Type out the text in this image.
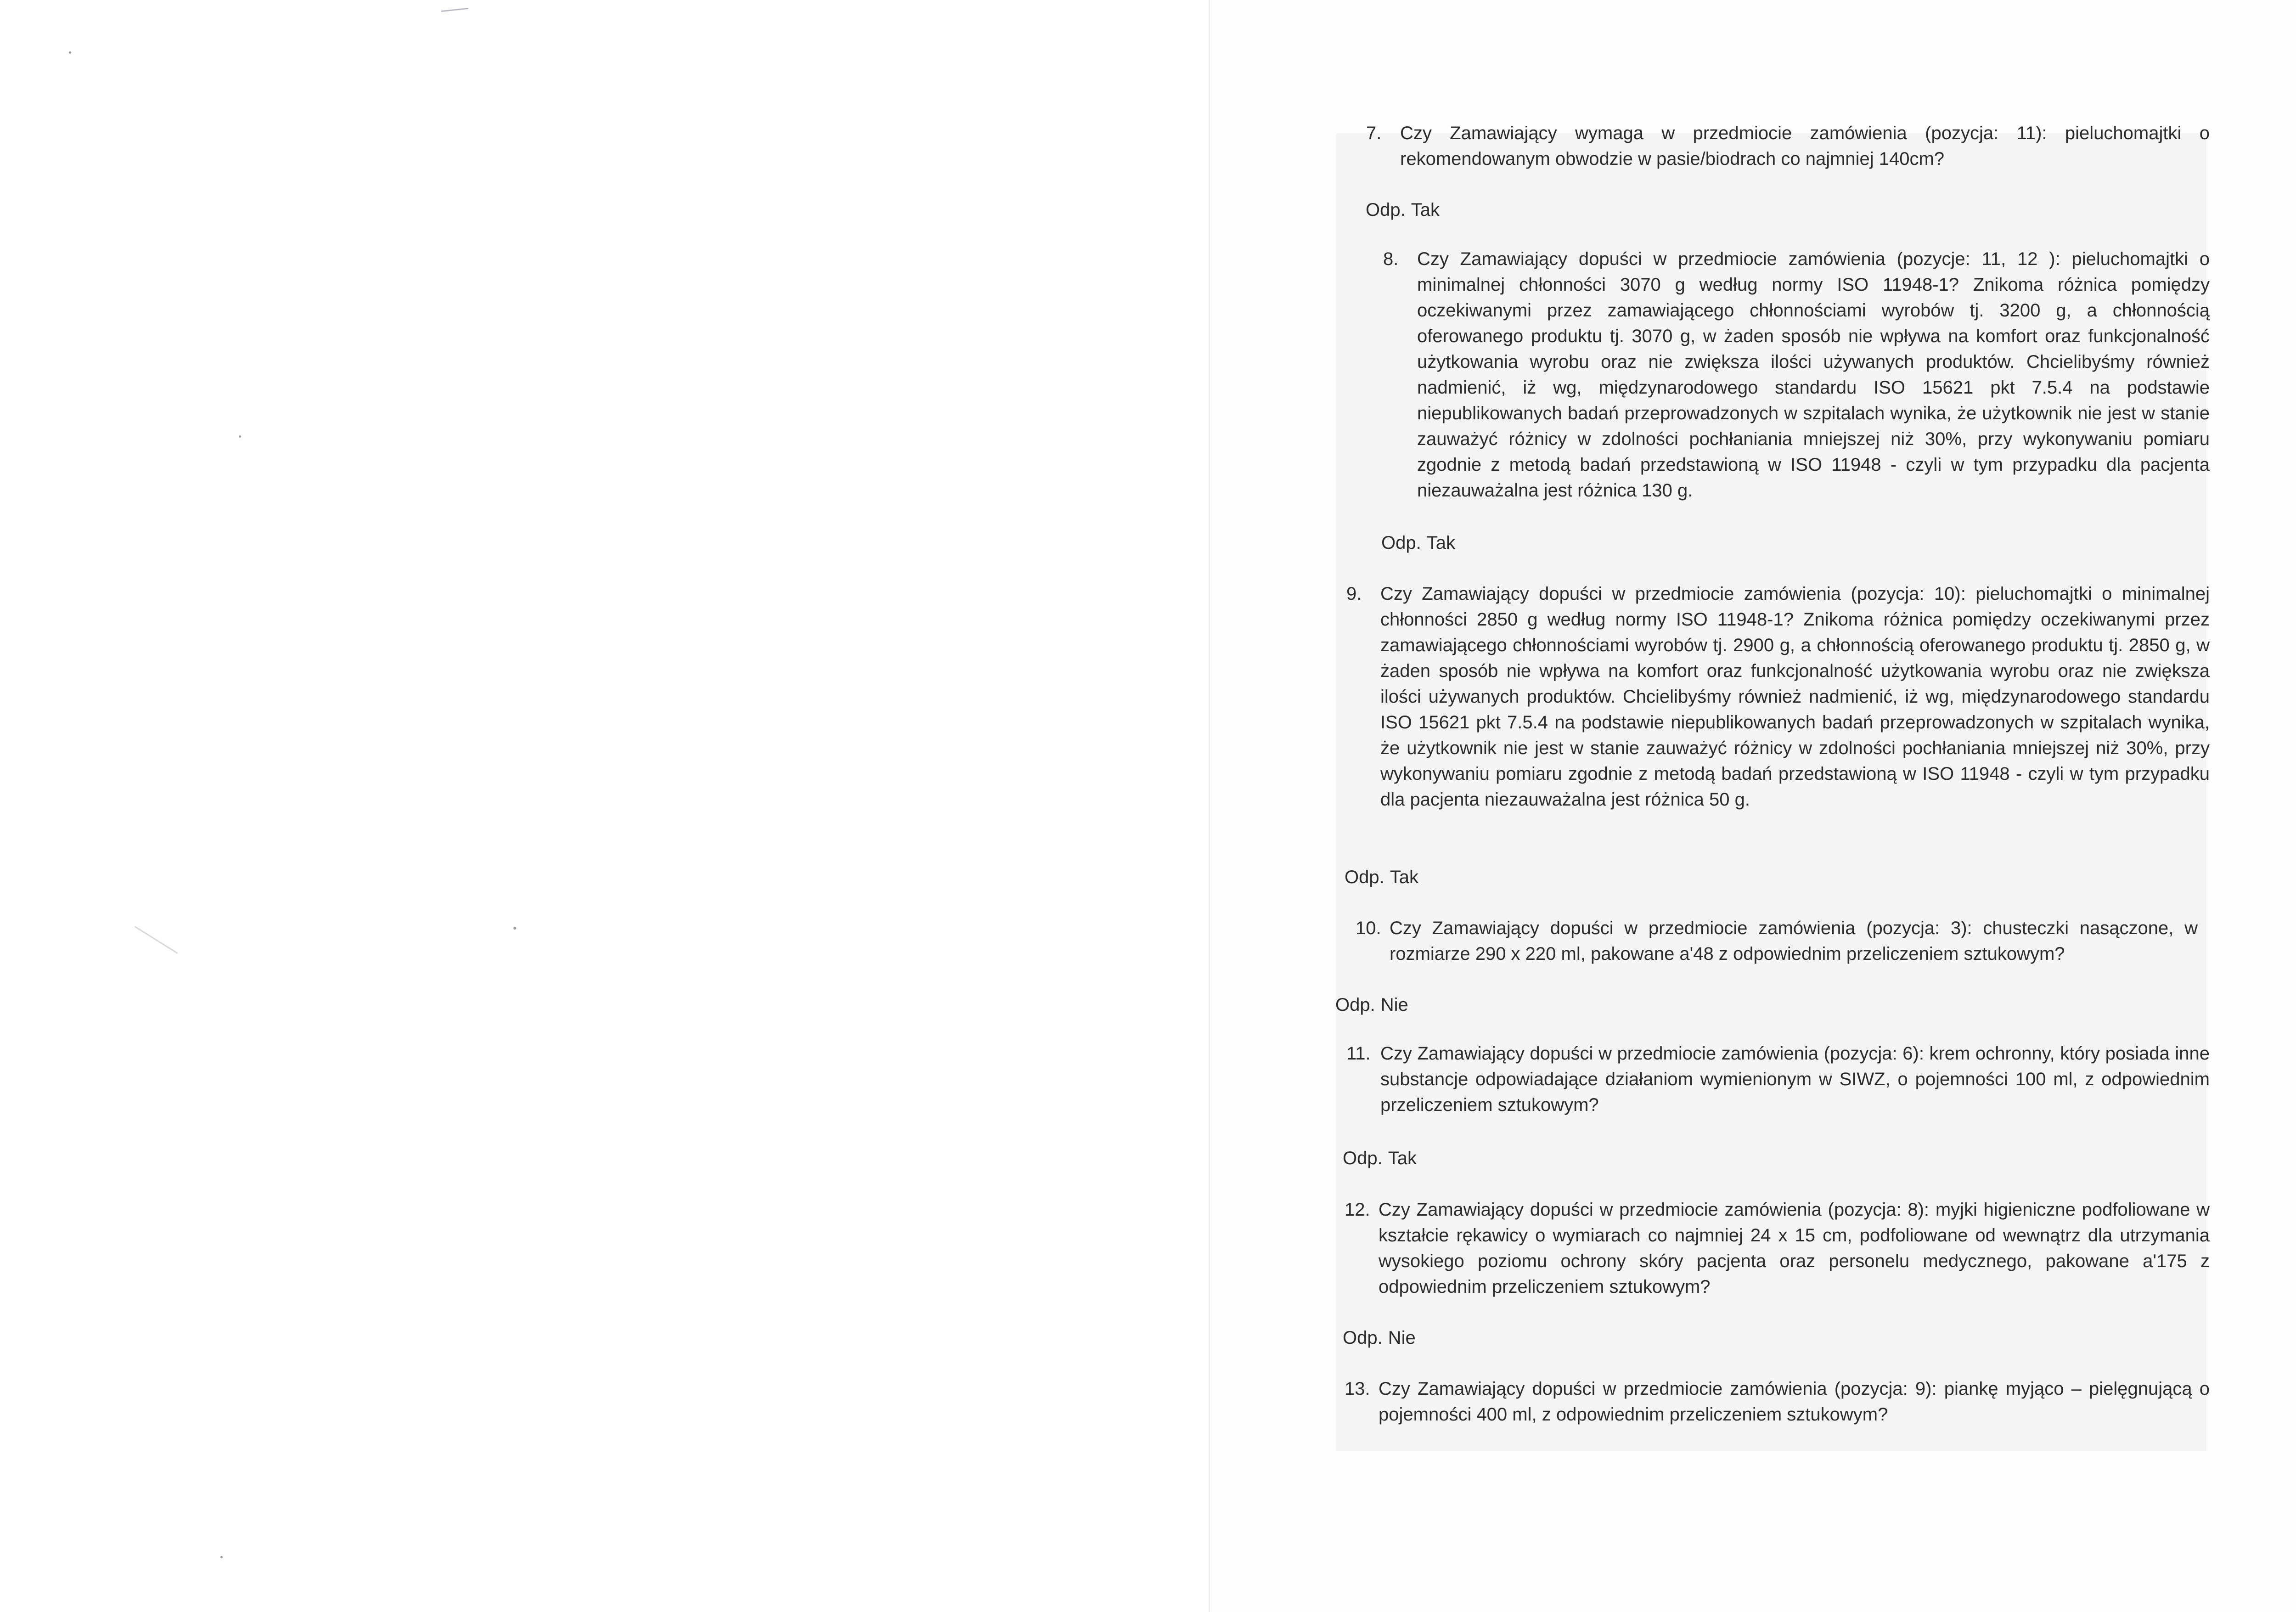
7. Czy Zamawiający wymaga w przedmiocie zamówienia (pozycja: 11): pieluchomajtki o rekomendowanym obwodzie w pasie/biodrach co najmniej 140cm?
Odp. Tak
8. Czy Zamawiający dopuści w przedmiocie zamówienia (pozycje: 11, 12 ): pieluchomajtki o minimalnej chłonności 3070 g według normy ISO 11948-1? Znikoma różnica pomiędzy oczekiwanymi przez zamawiającego chłonnościami wyrobów tj. 3200 g, a chłonnością oferowanego produktu tj. 3070 g, w żaden sposób nie wpływa na komfort oraz funkcjonalność użytkowania wyrobu oraz nie zwiększa ilości używanych produktów. Chcielibyśmy również nadmienić, iż wg, międzynarodowego standardu ISO 15621 pkt 7.5.4 na podstawie niepublikowanych badań przeprowadzonych w szpitalach wynika, że użytkownik nie jest w stanie zauważyć różnicy w zdolności pochłaniania mniejszej niż 30%, przy wykonywaniu pomiaru zgodnie z metodą badań przedstawioną w ISO 11948 - czyli w tym przypadku dla pacjenta niezauważalna jest różnica 130 g.
Odp. Tak
9. Czy Zamawiający dopuści w przedmiocie zamówienia (pozycja: 10): pieluchomajtki o minimalnej chłonności 2850 g według normy ISO 11948-1? Znikoma różnica pomiędzy oczekiwanymi przez zamawiającego chłonnościami wyrobów tj. 2900 g, a chłonnością oferowanego produktu tj. 2850 g, w żaden sposób nie wpływa na komfort oraz funkcjonalność użytkowania wyrobu oraz nie zwiększa ilości używanych produktów. Chcielibyśmy również nadmienić, iż wg, międzynarodowego standardu ISO 15621 pkt 7.5.4 na podstawie niepublikowanych badań przeprowadzonych w szpitalach wynika, że użytkownik nie jest w stanie zauważyć różnicy w zdolności pochłaniania mniejszej niż 30%, przy wykonywaniu pomiaru zgodnie z metodą badań przedstawioną w ISO 11948 - czyli w tym przypadku dla pacjenta niezauważalna jest różnica 50 g.
Odp. Tak
10. Czy Zamawiający dopuści w przedmiocie zamówienia (pozycja: 3): chusteczki nasączone, w rozmiarze 290 x 220 ml, pakowane a'48 z odpowiednim przeliczeniem sztukowym?
Odp. Nie
11. Czy Zamawiający dopuści w przedmiocie zamówienia (pozycja: 6): krem ochronny, który posiada inne substancje odpowiadające działaniom wymienionym w SIWZ, o pojemności 100 ml, z odpowiednim przeliczeniem sztukowym?
Odp. Tak
12. Czy Zamawiający dopuści w przedmiocie zamówienia (pozycja: 8): myjki higieniczne podfoliowane w kształcie rękawicy o wymiarach co najmniej 24 x 15 cm, podfoliowane od wewnątrz dla utrzymania wysokiego poziomu ochrony skóry pacjenta oraz personelu medycznego, pakowane a'175 z odpowiednim przeliczeniem sztukowym?
Odp. Nie
13. Czy Zamawiający dopuści w przedmiocie zamówienia (pozycja: 9): piankę myjąco – pielęgnującą o pojemności 400 ml, z odpowiednim przeliczeniem sztukowym?
